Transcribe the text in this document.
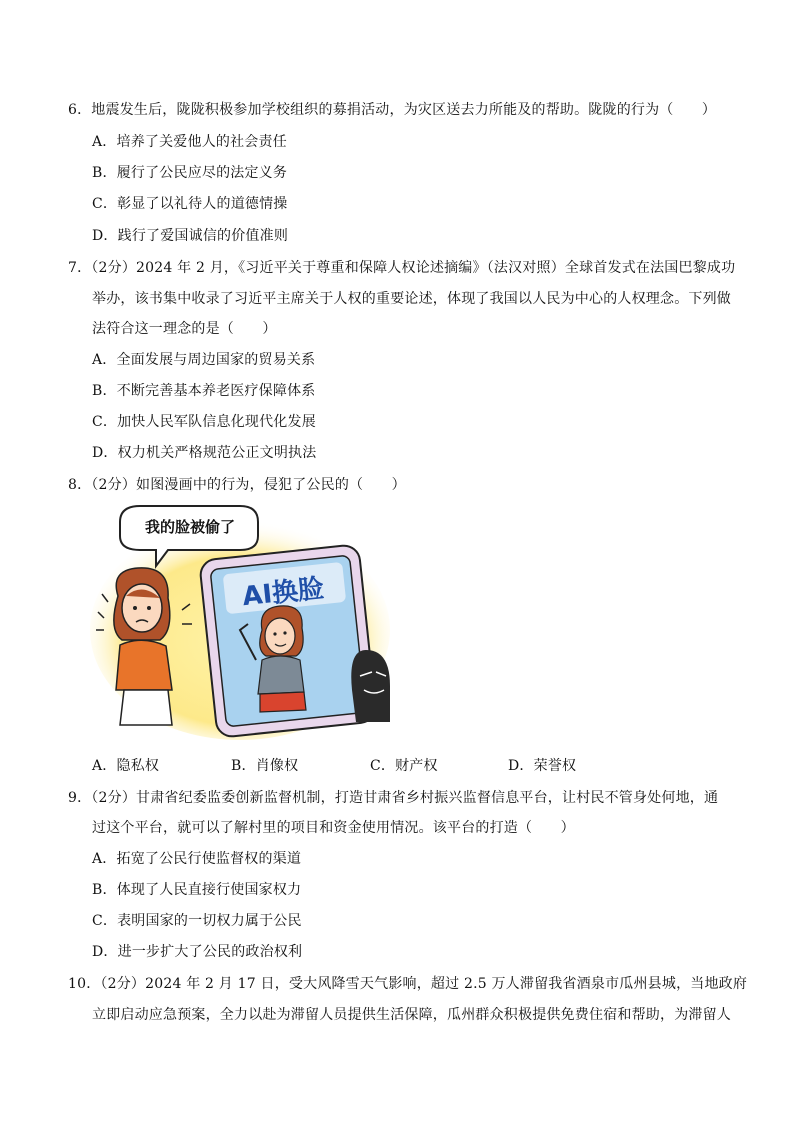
6．地震发生后，陇陇积极参加学校组织的募捐活动，为灾区送去力所能及的帮助。陇陇的行为（　　）
A．培养了关爱他人的社会责任
B．履行了公民应尽的法定义务
C．彰显了以礼待人的道德情操
D．践行了爱国诚信的价值准则
7．（2分）2024 年 2 月，《习近平关于尊重和保障人权论述摘编》（法汉对照）全球首发式在法国巴黎成功
举办，该书集中收录了习近平主席关于人权的重要论述，体现了我国以人民为中心的人权理念。下列做
法符合这一理念的是（　　）
A．全面发展与周边国家的贸易关系
B．不断完善基本养老医疗保障体系
C．加快人民军队信息化现代化发展
D．权力机关严格规范公正文明执法
8．（2分）如图漫画中的行为，侵犯了公民的（　　）
我的脸被偷了
AI换脸
A．隐私权	B．肖像权	C．财产权	D．荣誉权
9．（2分）甘肃省纪委监委创新监督机制，打造甘肃省乡村振兴监督信息平台，让村民不管身处何地，通
过这个平台，就可以了解村里的项目和资金使用情况。该平台的打造（　　）
A．拓宽了公民行使监督权的渠道
B．体现了人民直接行使国家权力
C．表明国家的一切权力属于公民
D．进一步扩大了公民的政治权利
10．（2分）2024 年 2 月 17 日，受大风降雪天气影响，超过 2.5 万人滞留我省酒泉市瓜州县城，当地政府
立即启动应急预案，全力以赴为滞留人员提供生活保障，瓜州群众积极提供免费住宿和帮助，为滞留人
